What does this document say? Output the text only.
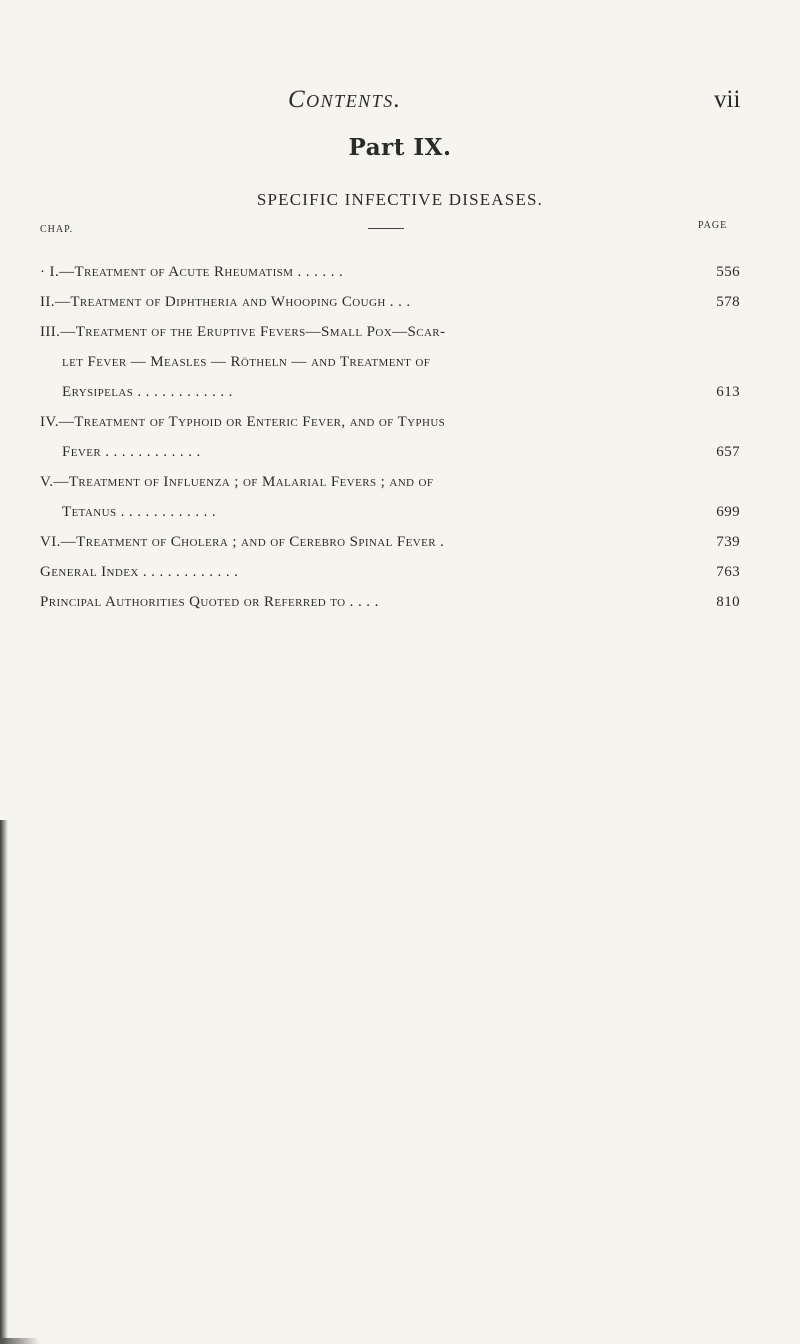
Contents.	vii
Part IX.
SPECIFIC INFECTIVE DISEASES.
CHAP.	PAGE
· I.—Treatment of Acute Rheumatism . . . . . .	556
II.—Treatment of Diphtheria and Whooping Cough . . .	578
III.—Treatment of the Eruptive Fevers—Small Pox—Scar-
let Fever — Measles — Rötheln — and Treatment of
Erysipelas . . . . . . . . . . . .	613
IV.—Treatment of Typhoid or Enteric Fever, and of Typhus
Fever . . . . . . . . . . . .	657
V.—Treatment of Influenza ; of Malarial Fevers ; and of
Tetanus . . . . . . . . . . . .	699
VI.—Treatment of Cholera ; and of Cerebro Spinal Fever .	739
General Index . . . . . . . . . . . .	763
Principal Authorities Quoted or Referred to . . . .	810
